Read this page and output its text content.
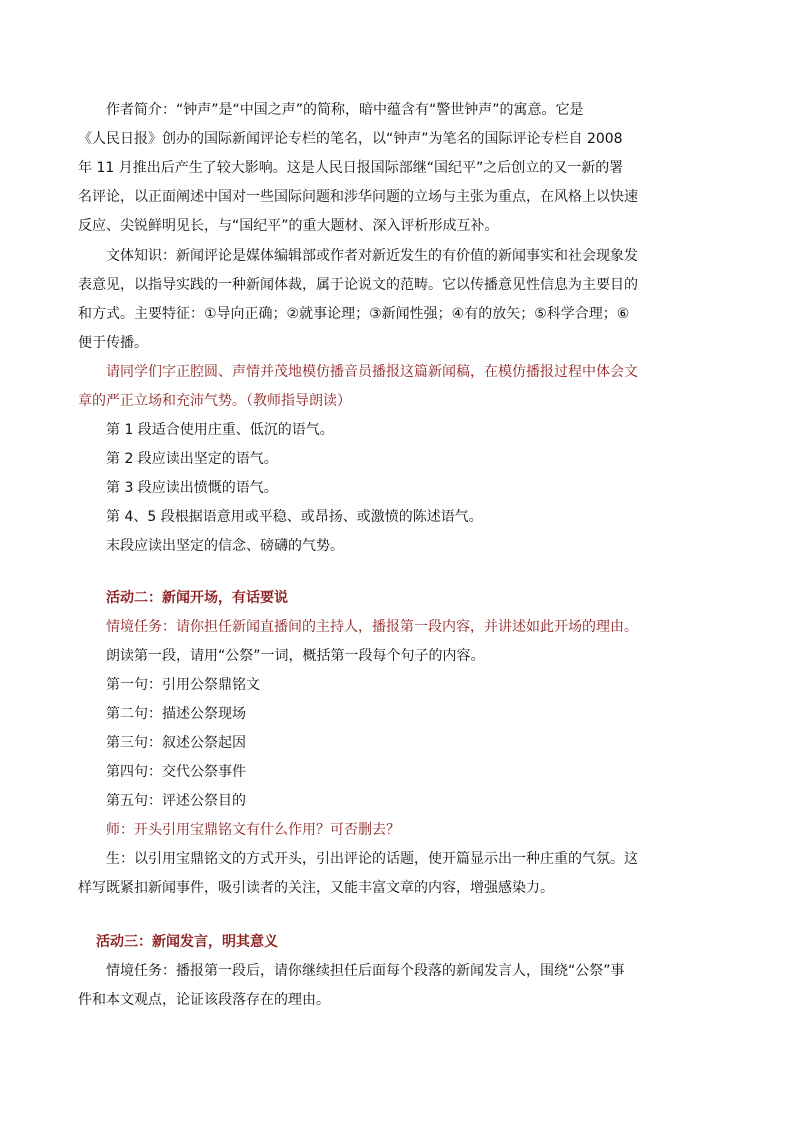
作者简介：“钟声”是“中国之声”的简称，暗中蕴含有“警世钟声”的寓意。它是
《人民日报》创办的国际新闻评论专栏的笔名，以“钟声”为笔名的国际评论专栏自 2008
年 11 月推出后产生了较大影响。这是人民日报国际部继“国纪平”之后创立的又一新的署
名评论，以正面阐述中国对一些国际问题和涉华问题的立场与主张为重点，在风格上以快速
反应、尖锐鲜明见长，与“国纪平”的重大题材、深入评析形成互补。
文体知识：新闻评论是媒体编辑部或作者对新近发生的有价值的新闻事实和社会现象发
表意见，以指导实践的一种新闻体裁，属于论说文的范畴。它以传播意见性信息为主要目的
和方式。主要特征：①导向正确；②就事论理；③新闻性强；④有的放矢；⑤科学合理；⑥
便于传播。
请同学们字正腔圆、声情并茂地模仿播音员播报这篇新闻稿，在模仿播报过程中体会文
章的严正立场和充沛气势。（教师指导朗读）
第 1 段适合使用庄重、低沉的语气。
第 2 段应读出坚定的语气。
第 3 段应读出愤慨的语气。
第 4、5 段根据语意用或平稳、或昂扬、或激愤的陈述语气。
末段应读出坚定的信念、磅礴的气势。
活动二：新闻开场，有话要说
情境任务：请你担任新闻直播间的主持人，播报第一段内容，并讲述如此开场的理由。
朗读第一段，请用“公祭”一词，概括第一段每个句子的内容。
第一句：引用公祭鼎铭文
第二句：描述公祭现场
第三句：叙述公祭起因
第四句：交代公祭事件
第五句：评述公祭目的
师：开头引用宝鼎铭文有什么作用？可否删去？
生：以引用宝鼎铭文的方式开头，引出评论的话题，使开篇显示出一种庄重的气氛。这
样写既紧扣新闻事件，吸引读者的关注，又能丰富文章的内容，增强感染力。
活动三：新闻发言，明其意义
情境任务：播报第一段后，请你继续担任后面每个段落的新闻发言人，围绕“公祭”事
件和本文观点，论证该段落存在的理由。
